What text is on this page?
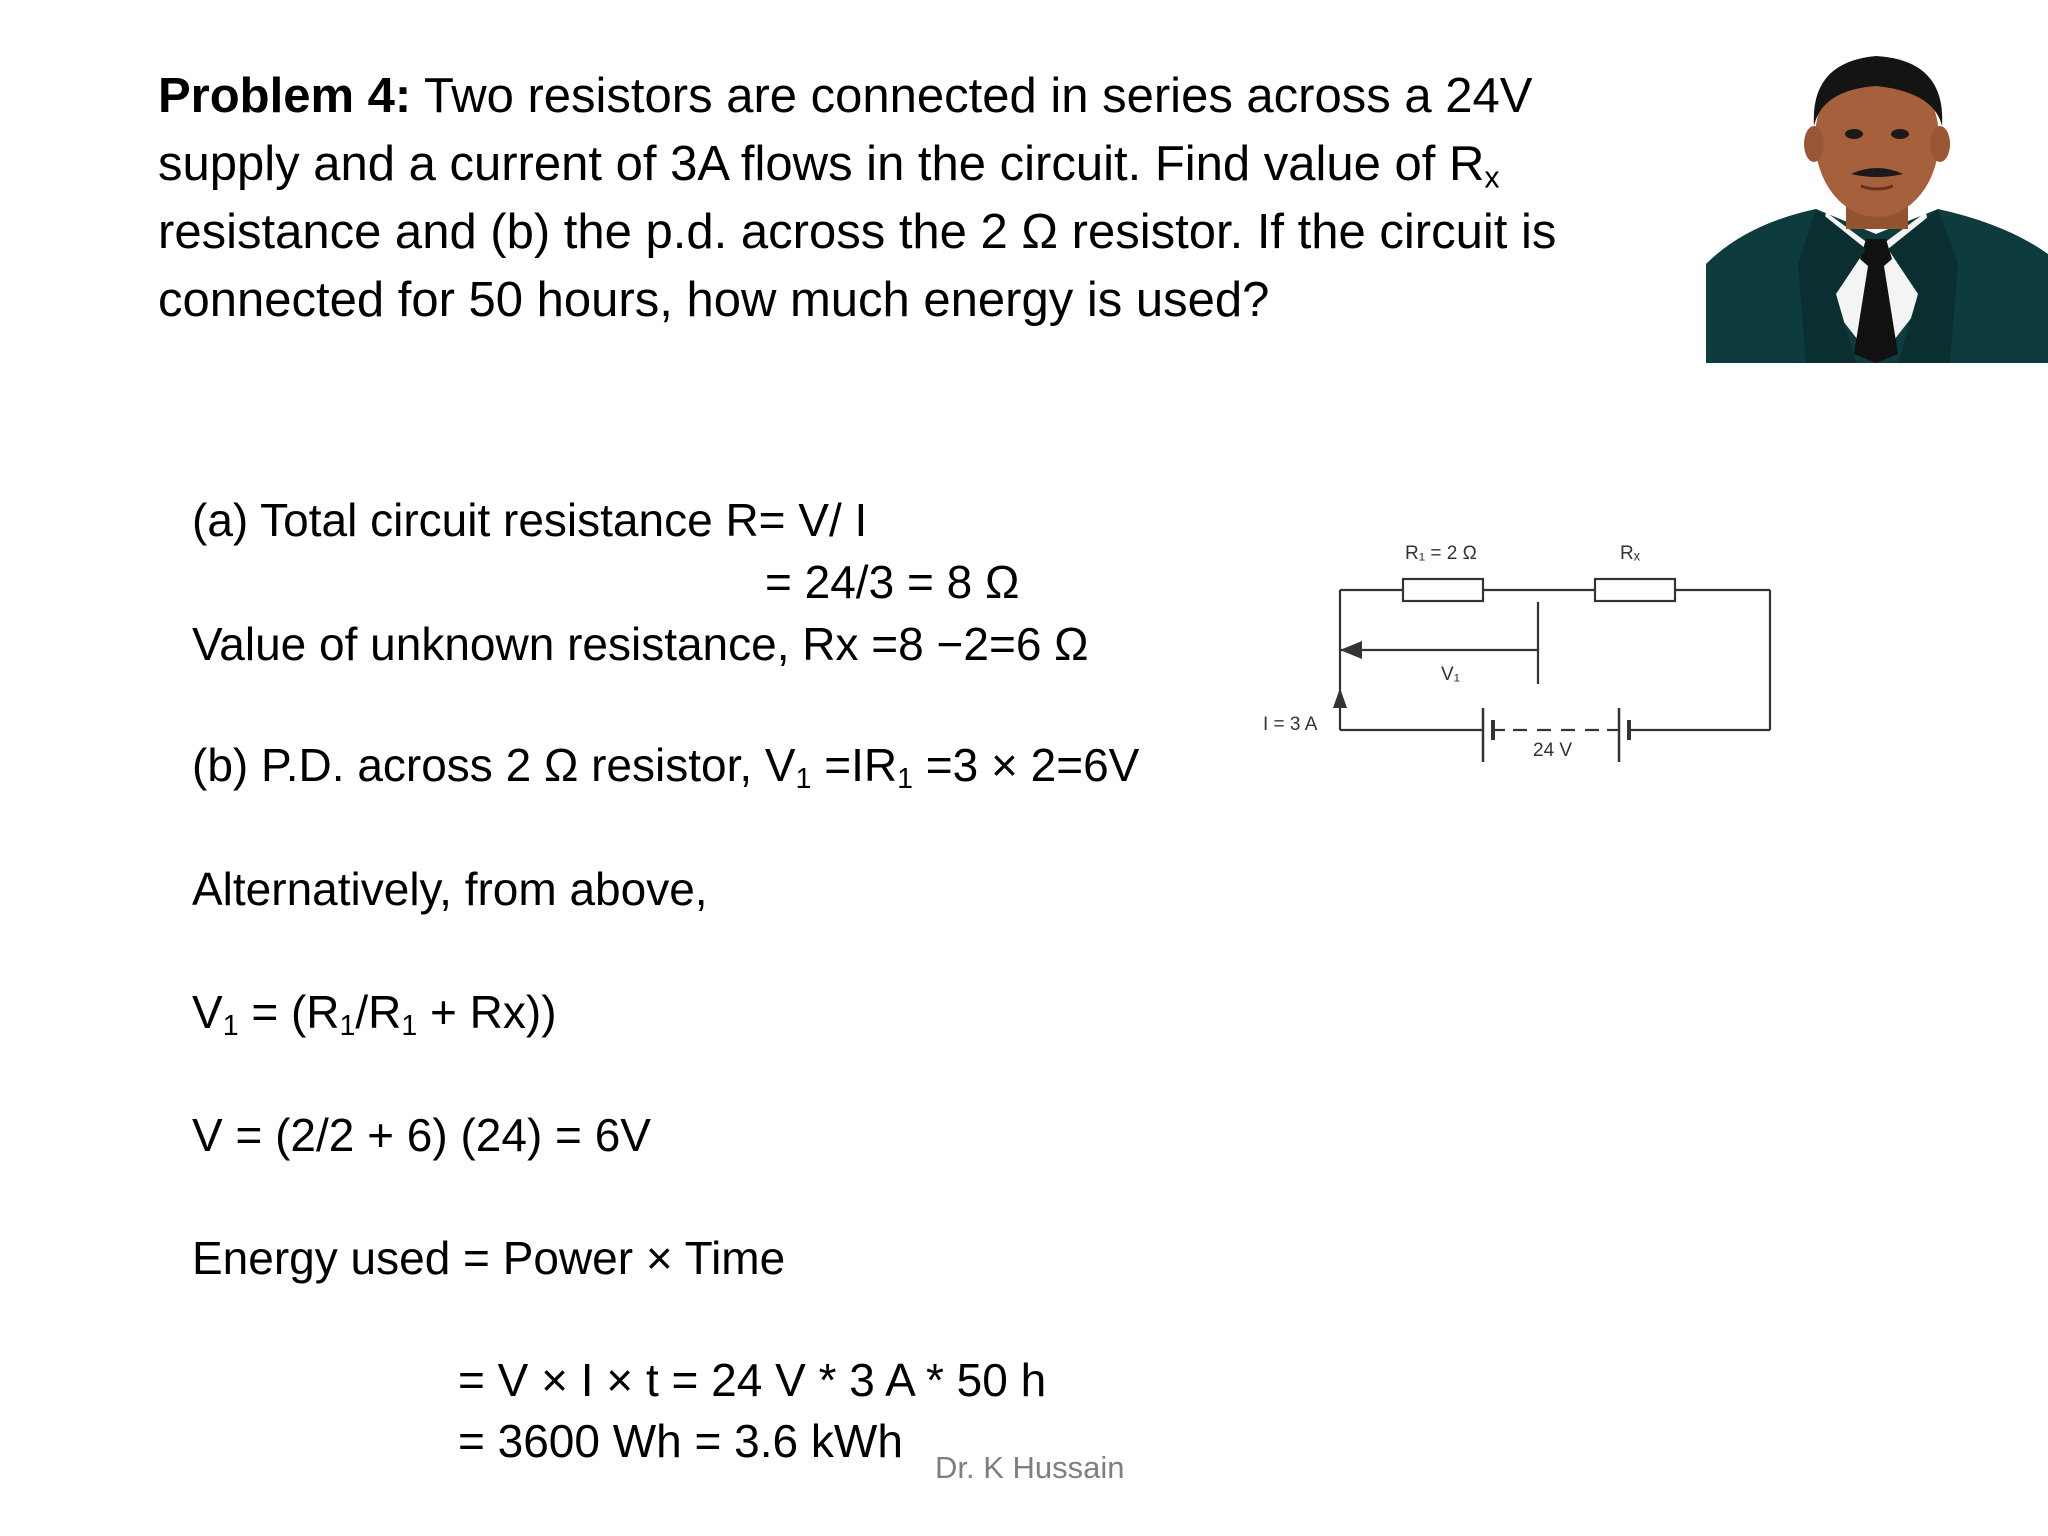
Problem 4: Two resistors are connected in series across a 24V supply and a current of 3A flows in the circuit. Find value of $R_x$ resistance and (b) the p.d. across the 2 Ω resistor. If the circuit is connected for 50 hours, how much energy is used?
(a) Total circuit resistance R= V/ I
= 24/3 = 8 Ω
Value of unknown resistance, Rx =8 −2=6 Ω
(b) P.D. across 2 Ω resistor, $V_1 =IR_1 =3 \times 2=6V$
Alternatively, from above,
$V_1 = (R_1/R_1 + Rx)$)
V = (2/2 + 6) (24) = 6V
Energy used = Power × Time
= V × I × t = 24 V * 3 A * 50 h
= 3600 Wh = 3.6 kWh
Dr. K Hussain
R₁ = 2 Ω	Rₓ
V₁
I = 3 A
24 V
